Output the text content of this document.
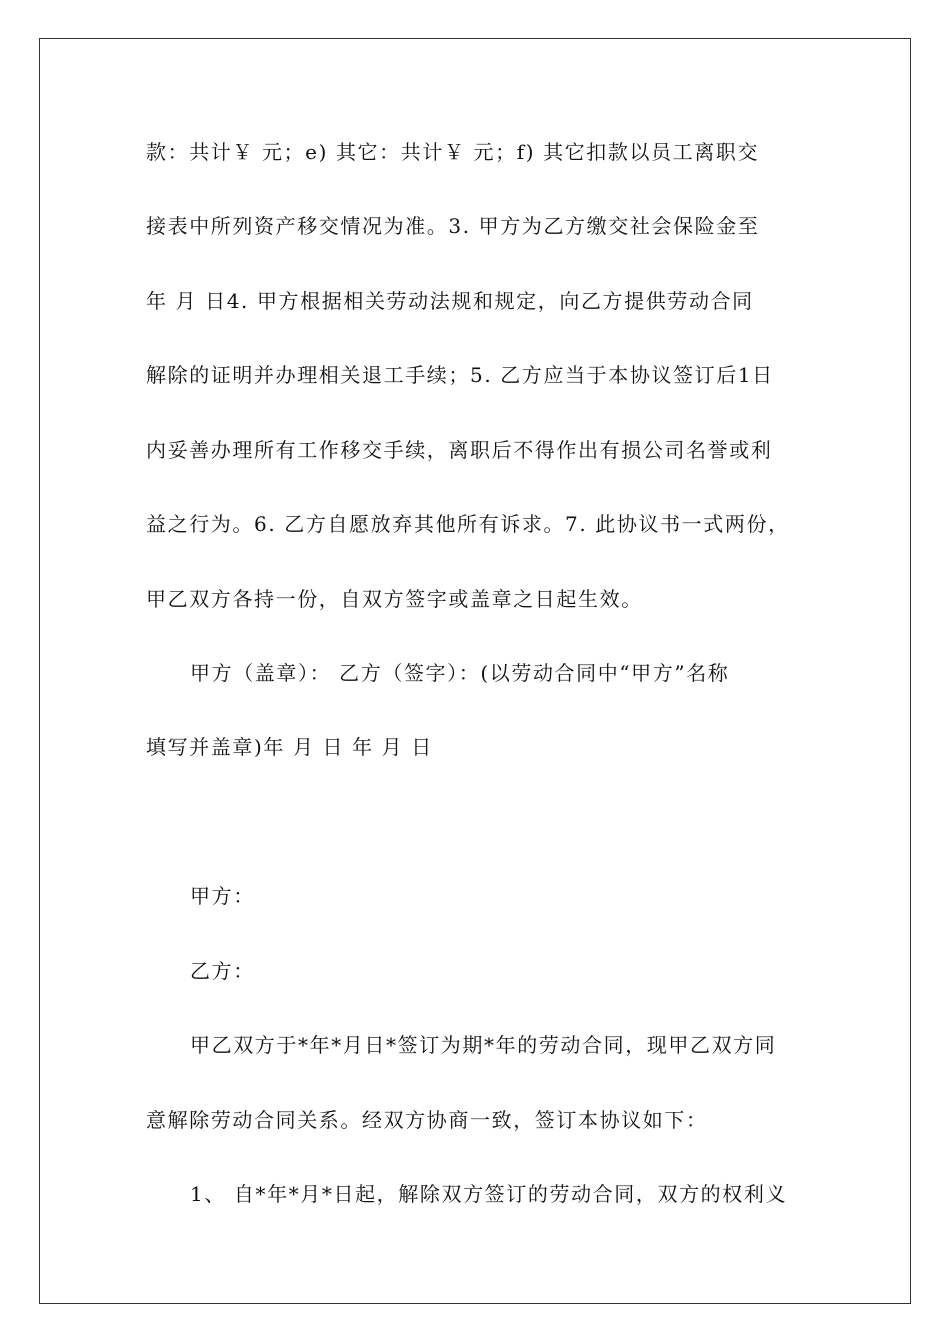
款：共计￥ 元；e) 其它：共计￥ 元；f) 其它扣款以员工离职交
接表中所列资产移交情况为准。3. 甲方为乙方缴交社会保险金至
年 月 日4. 甲方根据相关劳动法规和规定，向乙方提供劳动合同
解除的证明并办理相关退工手续；5. 乙方应当于本协议签订后1日
内妥善办理所有工作移交手续，离职后不得作出有损公司名誉或利
益之行为。6. 乙方自愿放弃其他所有诉求。7. 此协议书一式两份，
甲乙双方各持一份，自双方签字或盖章之日起生效。
甲方（盖章）： 乙方（签字）：(以劳动合同中“甲方”名称
填写并盖章)年 月 日 年 月 日
甲方：
乙方：
甲乙双方于*年*月日*签订为期*年的劳动合同，现甲乙双方同
意解除劳动合同关系。经双方协商一致，签订本协议如下：
1、 自*年*月*日起，解除双方签订的劳动合同，双方的权利义
